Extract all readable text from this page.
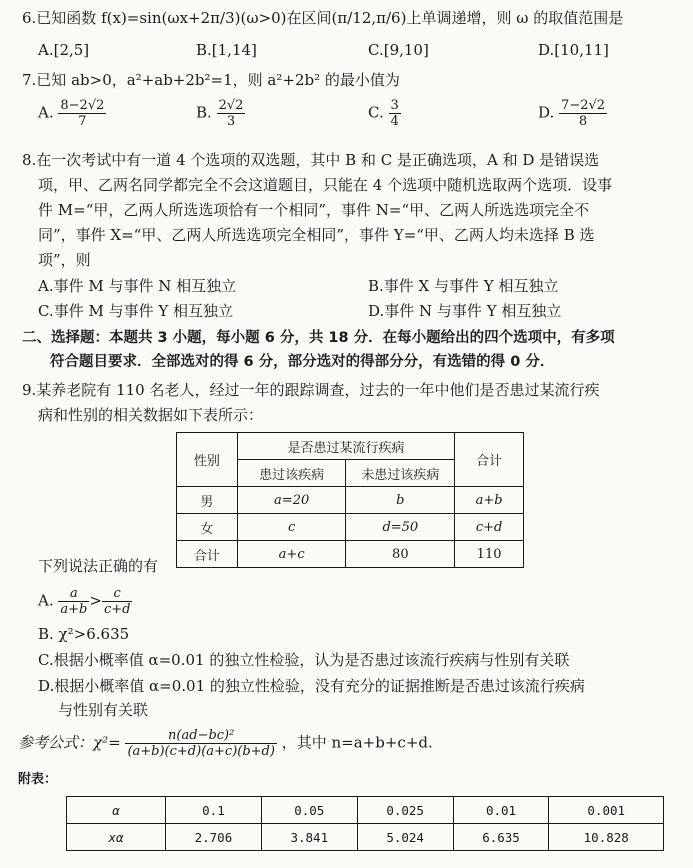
6.已知函数 f(x)=sin(ωx+2π/3)(ω>0)在区间(π/12,π/6)上单调递增，则 ω 的取值范围是
A.[2,5]	B.[1,14]	C.[9,10]	D.[10,11]
7.已知 ab>0，a²+ab+2b²=1，则 a²+2b² 的最小值为
A. $\frac{8-2√2}{7}$	B. $\frac{2√2}{3}$	C. $\frac{3}{4}$	D. $\frac{7-2√2}{8}$
8.在一次考试中有一道 4 个选项的双选题，其中 B 和 C 是正确选项，A 和 D 是错误选
项，甲、乙两名同学都完全不会这道题目，只能在 4 个选项中随机选取两个选项．设事
件 M=“甲，乙两人所选选项恰有一个相同”，事件 N=“甲、乙两人所选选项完全不
同”，事件 X=“甲、乙两人所选选项完全相同”，事件 Y=“甲、乙两人均未选择 B 选
项”，则
A.事件 M 与事件 N 相互独立	B.事件 X 与事件 Y 相互独立
C.事件 M 与事件 Y 相互独立	D.事件 N 与事件 Y 相互独立
二、选择题：本题共 3 小题，每小题 6 分，共 18 分．在每小题给出的四个选项中，有多项
符合题目要求．全部选对的得 6 分，部分选对的得部分分，有选错的得 0 分．
9.某养老院有 110 名老人，经过一年的跟踪调查，过去的一年中他们是否患过某流行疾
病和性别的相关数据如下表所示：
性别	是否患过某流行疾病		合计
	患过该疾病	未患过该疾病	
男	a=20	b	a+b
女	c	d=50	c+d
合计	a+c	80	110
下列说法正确的有
A. $\frac{a}{a+b} > \frac{c}{c+d}$
B. χ²>6.635
C.根据小概率值 α=0.01 的独立性检验，认为是否患过该流行疾病与性别有关联
D.根据小概率值 α=0.01 的独立性检验，没有充分的证据推断是否患过该流行疾病
与性别有关联
参考公式：$\chi^2= \frac{\text{n(ad−bc)²}}{(a+b)(c+d)(a+c)(b+d)}$ ，其中 n=a+b+c+d.
附表：
α	0.1	0.05	0.025	0.01	0.001
xα	2.706	3.841	5.024	6.635	10.828
